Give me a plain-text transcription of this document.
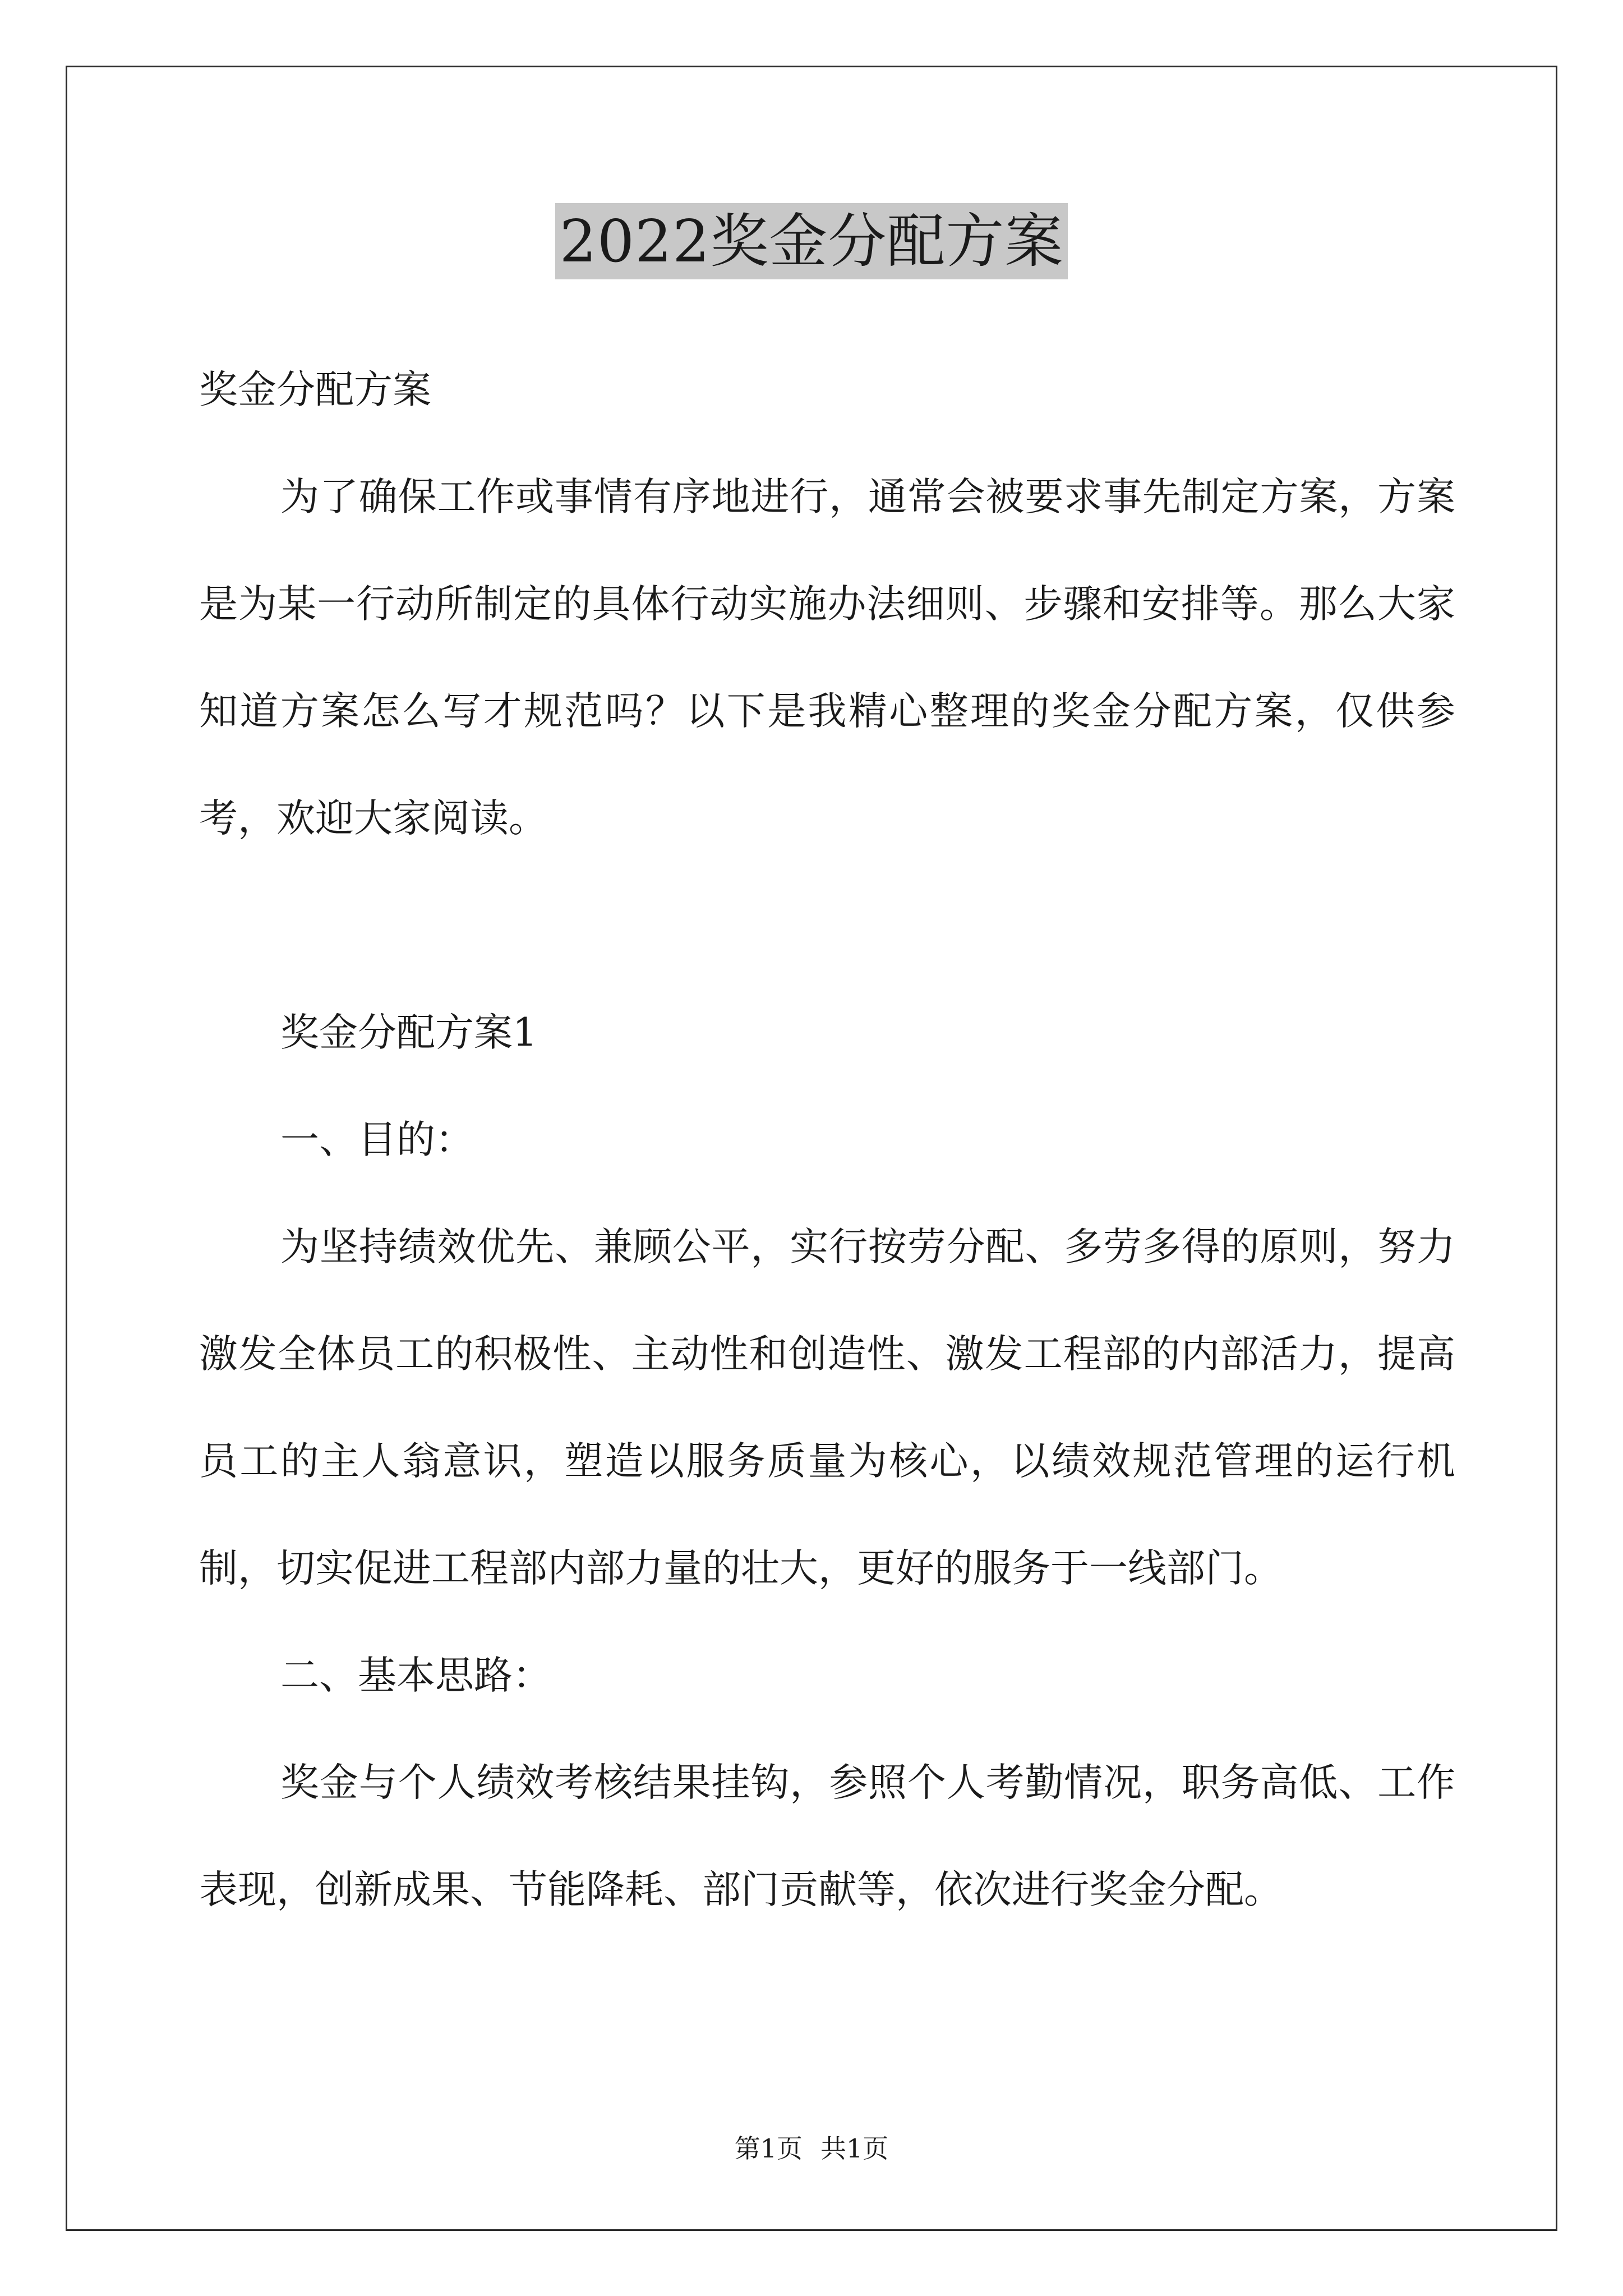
2022奖金分配方案

奖金分配方案

为了确保工作或事情有序地进行，通常会被要求事先制定方案，方案是为某一行动所制定的具体行动实施办法细则、步骤和安排等。那么大家知道方案怎么写才规范吗？以下是我精心整理的奖金分配方案，仅供参考，欢迎大家阅读。

奖金分配方案1

一、目的：

为坚持绩效优先、兼顾公平，实行按劳分配、多劳多得的原则，努力激发全体员工的积极性、主动性和创造性、激发工程部的内部活力，提高员工的主人翁意识，塑造以服务质量为核心，以绩效规范管理的运行机制，切实促进工程部内部力量的壮大，更好的服务于一线部门。

二、基本思路：

奖金与个人绩效考核结果挂钩，参照个人考勤情况，职务高低、工作表现，创新成果、节能降耗、部门贡献等，依次进行奖金分配。

第1页 共1页
